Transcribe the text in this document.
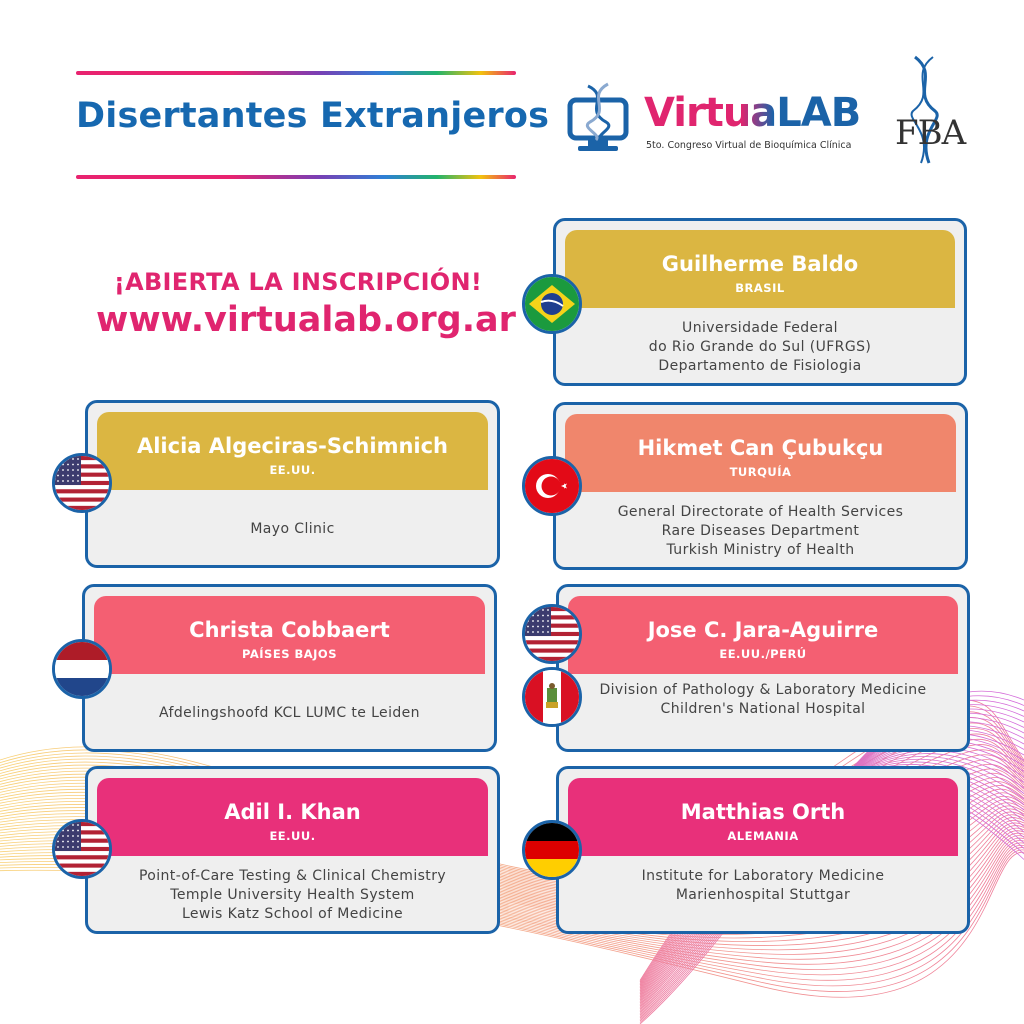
Disertantes Extranjeros VirtuaLAB
5to. Congreso Virtual de Bioquímica Clínica FBA
¡ABIERTA LA INSCRIPCIÓN!
www.virtualab.org.ar
Guilherme Baldo
BRASIL
Universidade Federal
do Rio Grande do Sul (UFRGS)
Departamento de Fisiologia
Alicia Algeciras-Schimnich
EE.UU.
Mayo Clinic
Hikmet Can Çubukçu
TURQUÍA
General Directorate of Health Services
Rare Diseases Department
Turkish Ministry of Health
Christa Cobbaert
PAÍSES BAJOS
Afdelingshoofd KCL LUMC te Leiden
Jose C. Jara-Aguirre
EE.UU./PERÚ
Division of Pathology & Laboratory Medicine
Children's National Hospital
Adil I. Khan
EE.UU.
Point-of-Care Testing & Clinical Chemistry
Temple University Health System
Lewis Katz School of Medicine
Matthias Orth
ALEMANIA
Institute for Laboratory Medicine
Marienhospital Stuttgar
